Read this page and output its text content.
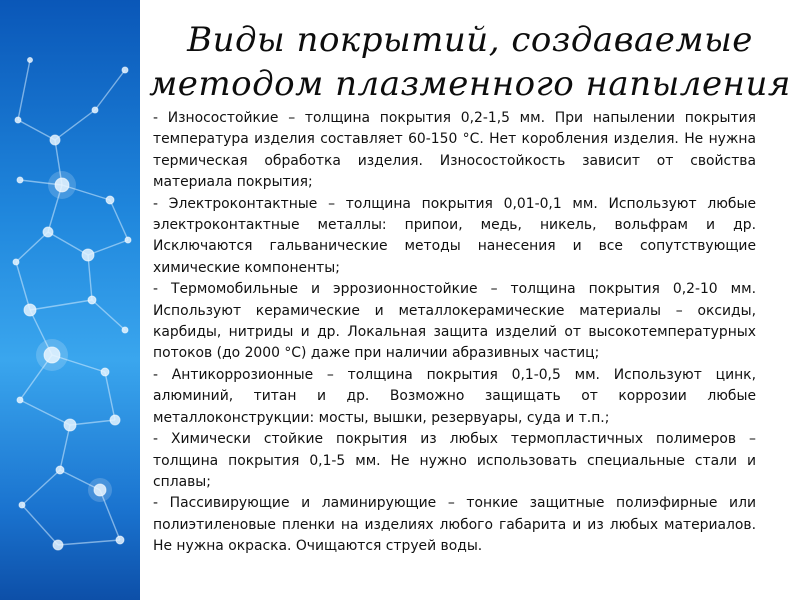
Виды покрытий, создаваемые
методом плазменного напыления

- Износостойкие – толщина покрытия 0,2-1,5 мм. При напылении покрытия температура изделия составляет 60-150 °С. Нет коробления изделия. Не нужна термическая обработка изделия. Износостойкость зависит от свойства материала покрытия;

- Электроконтактные – толщина покрытия 0,01-0,1 мм. Используют любые электроконтактные металлы: припои, медь, никель, вольфрам и др. Исключаются гальванические методы нанесения и все сопутствующие химические компоненты;

- Термомобильные и эррозионностойкие – толщина покрытия 0,2-10 мм. Используют керамические и металлокерамические материалы – оксиды, карбиды, нитриды и др. Локальная защита изделий от высокотемпературных потоков (до 2000 °С) даже при наличии абразивных частиц;

- Антикоррозионные – толщина покрытия 0,1-0,5 мм. Используют цинк, алюминий, титан и др. Возможно защищать от коррозии любые металлоконструкции: мосты, вышки, резервуары, суда и т.п.;

- Химически стойкие покрытия из любых термопластичных полимеров – толщина покрытия 0,1-5 мм. Не нужно использовать специальные стали и сплавы;

- Пассивирующие и ламинирующие – тонкие защитные полиэфирные или полиэтиленовые пленки на изделиях любого габарита и из любых материалов. Не нужна окраска. Очищаются струей воды.
